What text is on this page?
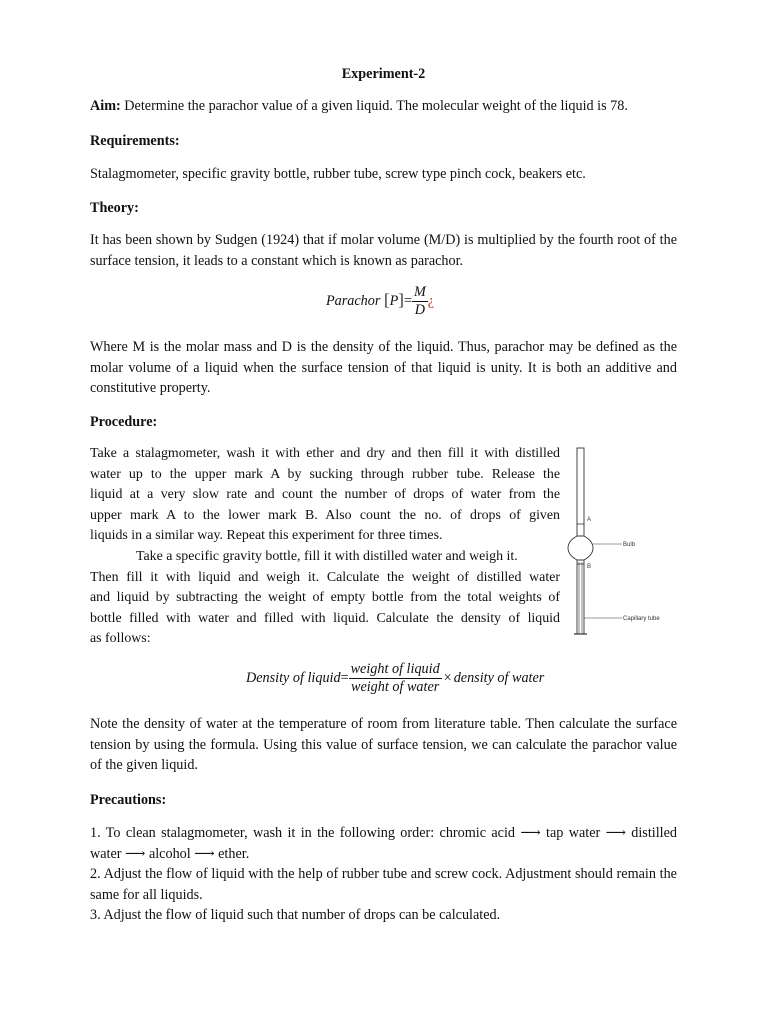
Experiment-2

Aim: Determine the parachor value of a given liquid. The molecular weight of the liquid is 78.

Requirements:

Stalagmometer, specific gravity bottle, rubber tube, screw type pinch cock, beakers etc.

Theory:

It has been shown by Sudgen (1924) that if molar volume (M/D) is multiplied by the fourth root of the surface tension, it leads to a constant which is known as parachor.

Parachor $[P]= \frac{M}{D}$ ¿

Where M is the molar mass and D is the density of the liquid. Thus, parachor may be defined as the molar volume of a liquid when the surface tension of that liquid is unity. It is both an additive and constitutive property.

Procedure:

Take a stalagmometer, wash it with ether and dry and then fill it with distilled

water up to the upper mark A by sucking through rubber tube. Release the

liquid at a very slow rate and count the number of drops of water from the

upper mark A to the lower mark B. Also count the no. of drops of given

liquids in a similar way. Repeat this experiment for three times.

Take a specific gravity bottle, fill it with distilled water and weigh it.

Then fill it with liquid and weigh it. Calculate the weight of distilled water

and liquid by subtracting the weight of empty bottle from the total weights of

bottle filled with water and filled with liquid. Calculate the density of liquid

as follows:

Density of liquid= $\frac{\text{weight of liquid}}{\text{weight of water}}$ × density of water

Note the density of water at the temperature of room from literature table. Then calculate the surface tension by using the formula. Using this value of surface tension, we can calculate the parachor value of the given liquid.

Precautions:

1. To clean stalagmometer, wash it in the following order: chromic acid ⟶ tap water ⟶ distilled water ⟶ alcohol ⟶ ether.

2. Adjust the flow of liquid with the help of rubber tube and screw cock. Adjustment should remain the same for all liquids.

3. Adjust the flow of liquid such that number of drops can be calculated.

A
Bulb
B
Capillary tube
